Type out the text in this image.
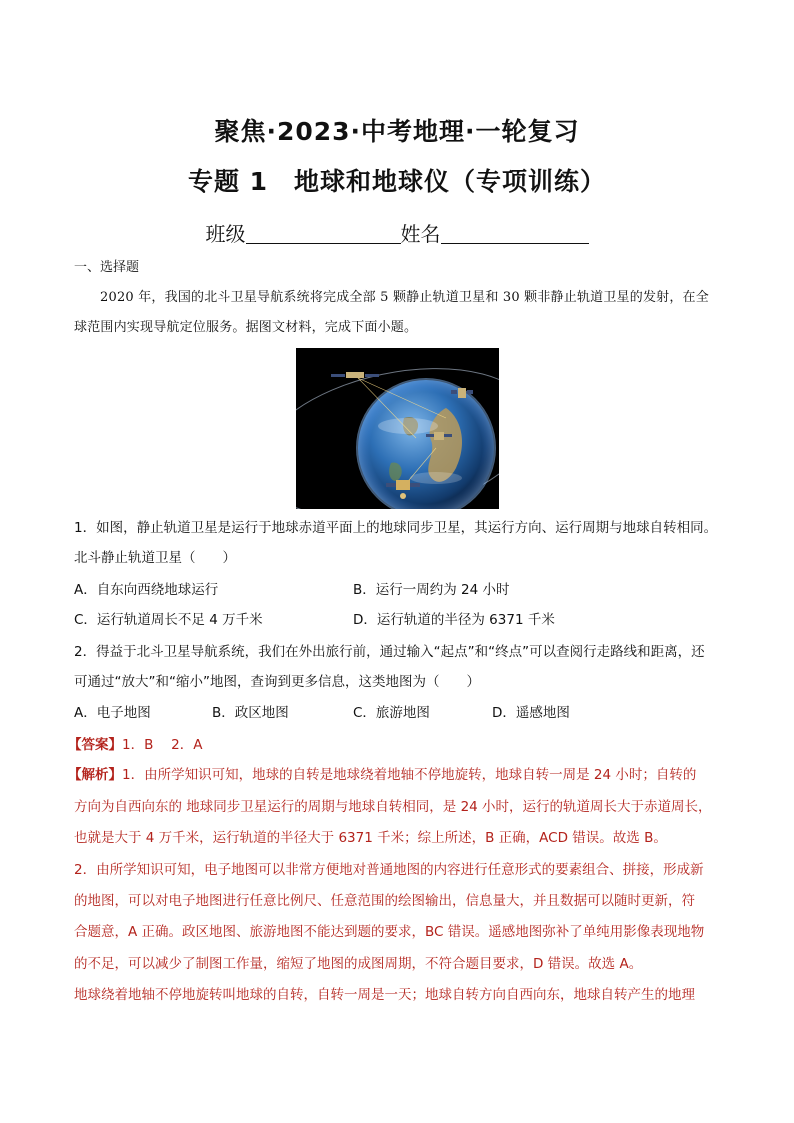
聚焦·2023·中考地理·一轮复习
专题 1　地球和地球仪（专项训练）
班级	姓名
一、选择题
2020 年，我国的北斗卫星导航系统将完成全部 5 颗静止轨道卫星和 30 颗非静止轨道卫星的发射，在全
球范围内实现导航定位服务。据图文材料，完成下面小题。
1．如图，静止轨道卫星是运行于地球赤道平面上的地球同步卫星，其运行方向、运行周期与地球自转相同。
北斗静止轨道卫星（　　）
A．自东向西绕地球运行	B．运行一周约为 24 小时
C．运行轨道周长不足 4 万千米	D．运行轨道的半径为 6371 千米
2．得益于北斗卫星导航系统，我们在外出旅行前，通过输入“起点”和“终点”可以查阅行走路线和距离，还
可通过“放大”和“缩小”地图，查询到更多信息，这类地图为（　　）
A．电子地图	B．政区地图	C．旅游地图	D．遥感地图
【答案】1．B　 2．A
【解析】1．由所学知识可知，地球的自转是地球绕着地轴不停地旋转，地球自转一周是 24 小时；自转的
方向为自西向东的 地球同步卫星运行的周期与地球自转相同，是 24 小时，运行的轨道周长大于赤道周长，
也就是大于 4 万千米，运行轨道的半径大于 6371 千米；综上所述，B 正确，ACD 错误。故选 B。
2．由所学知识可知，电子地图可以非常方便地对普通地图的内容进行任意形式的要素组合、拼接，形成新
的地图，可以对电子地图进行任意比例尺、任意范围的绘图输出，信息量大，并且数据可以随时更新，符
合题意，A 正确。政区地图、旅游地图不能达到题的要求，BC 错误。遥感地图弥补了单纯用影像表现地物
的不足，可以减少了制图工作量，缩短了地图的成图周期，不符合题目要求，D 错误。故选 A。
地球绕着地轴不停地旋转叫地球的自转，自转一周是一天；地球自转方向自西向东，地球自转产生的地理
